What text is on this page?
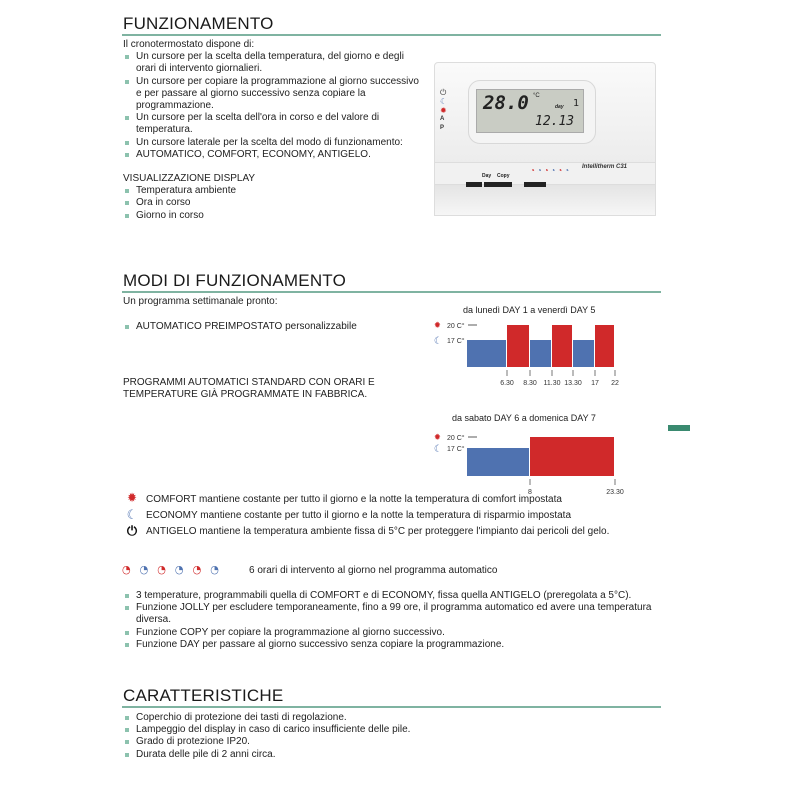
FUNZIONAMENTO
Il cronotermostato dispone di:
Un cursore per la scelta della temperatura, del giorno e degli orari di intervento giornalieri.
Un cursore per copiare la programmazione al giorno successivo e per passare al giorno successivo senza copiare la programmazione.
Un cursore per la scelta dell'ora in corso e del valore di temperatura.
Un cursore laterale per la scelta del modo di funzionamento:
AUTOMATICO, COMFORT, ECONOMY, ANTIGELO.
VISUALIZZAZIONE DISPLAY
Temperatura ambiente
Ora in corso
Giorno in corso
28.0 °C
day 1
12.13
⏻
☾
✹
A
P
Intellitherm C31
Day Copy
◔◔◔◔◔◔
MODI DI FUNZIONAMENTO
Un programma settimanale pronto:
AUTOMATICO PREIMPOSTATO personalizzabile
PROGRAMMI AUTOMATICI STANDARD CON ORARI E
TEMPERATURE GIÀ PROGRAMMATE IN FABBRICA.
da lunedì DAY 1 a venerdì DAY 5
✹ 20 C°
☾ 17 C°
6.30 8.30 11.30 13.30 17 22
da sabato DAY 6 a domenica DAY 7
✹ 20 C°
☾ 17 C°
8	23.30
✹ COMFORT mantiene costante per tutto il giorno e la notte la temperatura di comfort impostata
☾ ECONOMY mantiene costante per tutto il giorno e la notte la temperatura di risparmio impostata
⏻ ANTIGELO mantiene la temperatura ambiente fissa di 5°C per proteggere l'impianto dai pericoli del gelo.
◔◔◔◔◔◔ 6 orari di intervento al giorno nel programma automatico
3 temperature, programmabili quella di COMFORT e di ECONOMY, fissa quella ANTIGELO (preregolata a 5°C).
Funzione JOLLY per escludere temporaneamente, fino a 99 ore, il programma automatico ed avere una temperatura diversa.
Funzione COPY per copiare la programmazione al giorno successivo.
Funzione DAY per passare al giorno successivo senza copiare la programmazione.
CARATTERISTICHE
Coperchio di protezione dei tasti di regolazione.
Lampeggio del display in caso di carico insufficiente delle pile.
Grado di protezione IP20.
Durata delle pile di 2 anni circa.
